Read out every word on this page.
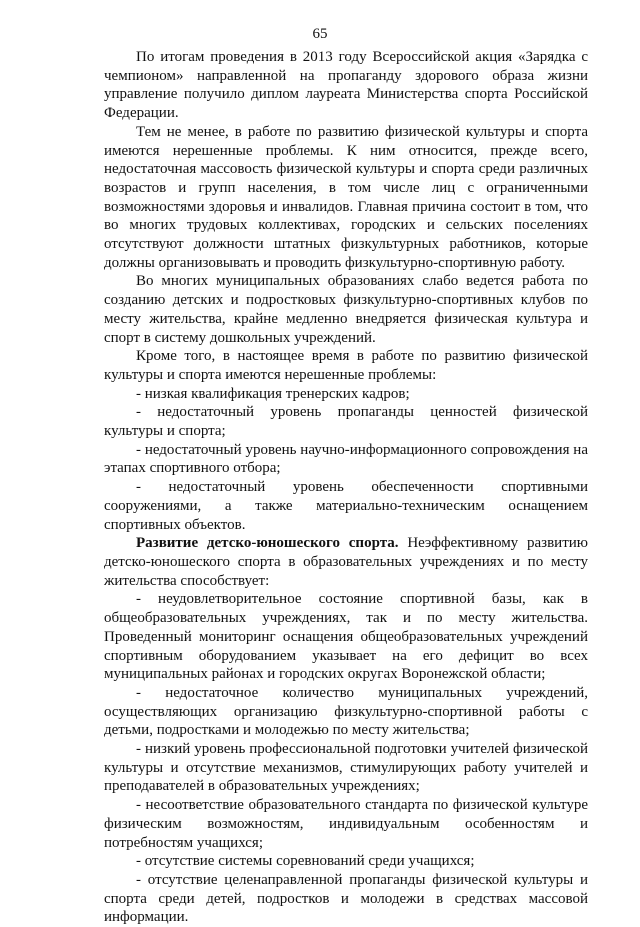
65

По итогам проведения в 2013 году Всероссийской акция «Зарядка с чемпионом» направленной на пропаганду здорового образа жизни управление получило диплом лауреата Министерства спорта Российской Федерации.

Тем не менее, в работе по развитию физической культуры и спорта имеются нерешенные проблемы. К ним относится, прежде всего, недостаточная массовость физической культуры и спорта среди различных возрастов и групп населения, в том числе лиц с ограниченными возможностями здоровья и инвалидов. Главная причина состоит в том, что во многих трудовых коллективах, городских и сельских поселениях отсутствуют должности штатных физкультурных работников, которые должны организовывать и проводить физкультурно-спортивную работу.

Во многих муниципальных образованиях слабо ведется работа по созданию детских и подростковых физкультурно-спортивных клубов по месту жительства, крайне медленно внедряется физическая культура и спорт в систему дошкольных учреждений.

Кроме того, в настоящее время в работе по развитию физической культуры и спорта имеются нерешенные проблемы:

- низкая квалификация тренерских кадров;

- недостаточный уровень пропаганды ценностей физической культуры и спорта;

- недостаточный уровень научно-информационного сопровождения на этапах спортивного отбора;

- недостаточный уровень обеспеченности спортивными сооружениями, а также материально-техническим оснащением спортивных объектов.

Развитие детско-юношеского спорта. Неэффективному развитию детско-юношеского спорта в образовательных учреждениях и по месту жительства способствует:

- неудовлетворительное состояние спортивной базы, как в общеобразовательных учреждениях, так и по месту жительства. Проведенный мониторинг оснащения общеобразовательных учреждений спортивным оборудованием указывает на его дефицит во всех муниципальных районах и городских округах Воронежской области;

- недостаточное количество муниципальных учреждений, осуществляющих организацию физкультурно-спортивной работы с детьми, подростками и молодежью по месту жительства;

- низкий уровень профессиональной подготовки учителей физической культуры и отсутствие механизмов, стимулирующих работу учителей и преподавателей в образовательных учреждениях;

- несоответствие образовательного стандарта по физической культуре физическим возможностям, индивидуальным особенностям и потребностям учащихся;

- отсутствие системы соревнований среди учащихся;

- отсутствие целенаправленной пропаганды физической культуры и спорта среди детей, подростков и молодежи в средствах массовой информации.
